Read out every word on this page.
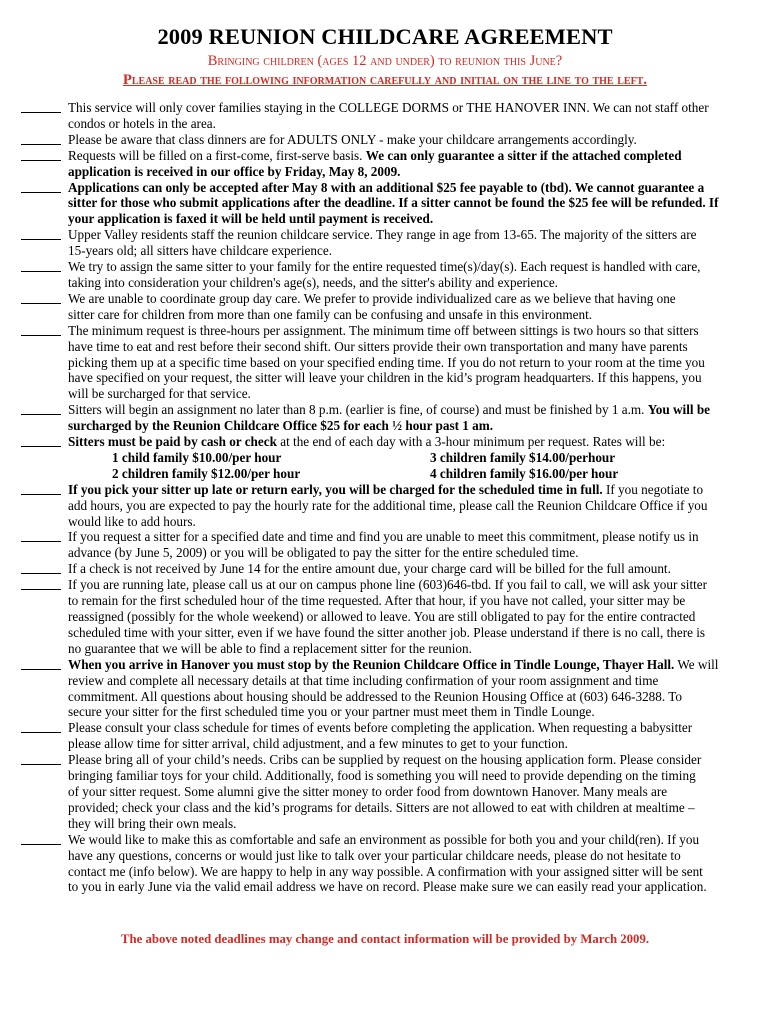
2009 REUNION CHILDCARE AGREEMENT
Bringing children (ages 12 and under) to reunion this June?
Please read the following information carefully and initial on the line to the left.
This service will only cover families staying in the COLLEGE DORMS or THE HANOVER INN. We can not staff other
condos or hotels in the area.
Please be aware that class dinners are for ADULTS ONLY - make your childcare arrangements accordingly.
Requests will be filled on a first-come, first-serve basis. We can only guarantee a sitter if the attached completed
application is received in our office by Friday, May 8, 2009.
Applications can only be accepted after May 8 with an additional $25 fee payable to (tbd). We cannot guarantee a
sitter for those who submit applications after the deadline. If a sitter cannot be found the $25 fee will be refunded. If
your application is faxed it will be held until payment is received.
Upper Valley residents staff the reunion childcare service. They range in age from 13-65. The majority of the sitters are
15-years old; all sitters have childcare experience.
We try to assign the same sitter to your family for the entire requested time(s)/day(s). Each request is handled with care,
taking into consideration your children's age(s), needs, and the sitter's ability and experience.
We are unable to coordinate group day care. We prefer to provide individualized care as we believe that having one
sitter care for children from more than one family can be confusing and unsafe in this environment.
The minimum request is three-hours per assignment. The minimum time off between sittings is two hours so that sitters
have time to eat and rest before their second shift. Our sitters provide their own transportation and many have parents
picking them up at a specific time based on your specified ending time. If you do not return to your room at the time you
have specified on your request, the sitter will leave your children in the kid’s program headquarters. If this happens, you
will be surcharged for that service.
Sitters will begin an assignment no later than 8 p.m. (earlier is fine, of course) and must be finished by 1 a.m. You will be
surcharged by the Reunion Childcare Office $25 for each ½ hour past 1 am.
Sitters must be paid by cash or check at the end of each day with a 3-hour minimum per request. Rates will be:
1 child family $10.00/per hour	3 children family $14.00/perhour
2 children family $12.00/per hour	4 children family $16.00/per hour
If you pick your sitter up late or return early, you will be charged for the scheduled time in full. If you negotiate to
add hours, you are expected to pay the hourly rate for the additional time, please call the Reunion Childcare Office if you
would like to add hours.
If you request a sitter for a specified date and time and find you are unable to meet this commitment, please notify us in
advance (by June 5, 2009) or you will be obligated to pay the sitter for the entire scheduled time.
If a check is not received by June 14 for the entire amount due, your charge card will be billed for the full amount.
If you are running late, please call us at our on campus phone line (603)646-tbd. If you fail to call, we will ask your sitter
to remain for the first scheduled hour of the time requested. After that hour, if you have not called, your sitter may be
reassigned (possibly for the whole weekend) or allowed to leave. You are still obligated to pay for the entire contracted
scheduled time with your sitter, even if we have found the sitter another job. Please understand if there is no call, there is
no guarantee that we will be able to find a replacement sitter for the reunion.
When you arrive in Hanover you must stop by the Reunion Childcare Office in Tindle Lounge, Thayer Hall. We will
review and complete all necessary details at that time including confirmation of your room assignment and time
commitment. All questions about housing should be addressed to the Reunion Housing Office at (603) 646-3288. To
secure your sitter for the first scheduled time you or your partner must meet them in Tindle Lounge.
Please consult your class schedule for times of events before completing the application. When requesting a babysitter
please allow time for sitter arrival, child adjustment, and a few minutes to get to your function.
Please bring all of your child’s needs. Cribs can be supplied by request on the housing application form. Please consider
bringing familiar toys for your child. Additionally, food is something you will need to provide depending on the timing
of your sitter request. Some alumni give the sitter money to order food from downtown Hanover. Many meals are
provided; check your class and the kid’s programs for details. Sitters are not allowed to eat with children at mealtime –
they will bring their own meals.
We would like to make this as comfortable and safe an environment as possible for both you and your child(ren). If you
have any questions, concerns or would just like to talk over your particular childcare needs, please do not hesitate to
contact me (info below). We are happy to help in any way possible. A confirmation with your assigned sitter will be sent
to you in early June via the valid email address we have on record. Please make sure we can easily read your application.
The above noted deadlines may change and contact information will be provided by March 2009.
